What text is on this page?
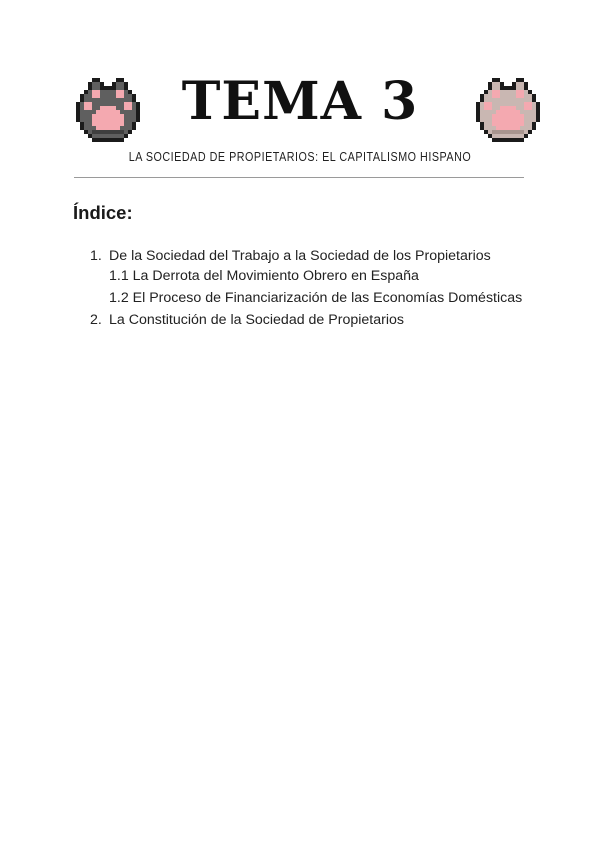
TEMA 3
LA SOCIEDAD DE PROPIETARIOS: EL CAPITALISMO HISPANO
Índice:
1. De la Sociedad del Trabajo a la Sociedad de los Propietarios
1.1 La Derrota del Movimiento Obrero en España
1.2 El Proceso de Financiarización de las Economías Domésticas
2. La Constitución de la Sociedad de Propietarios
